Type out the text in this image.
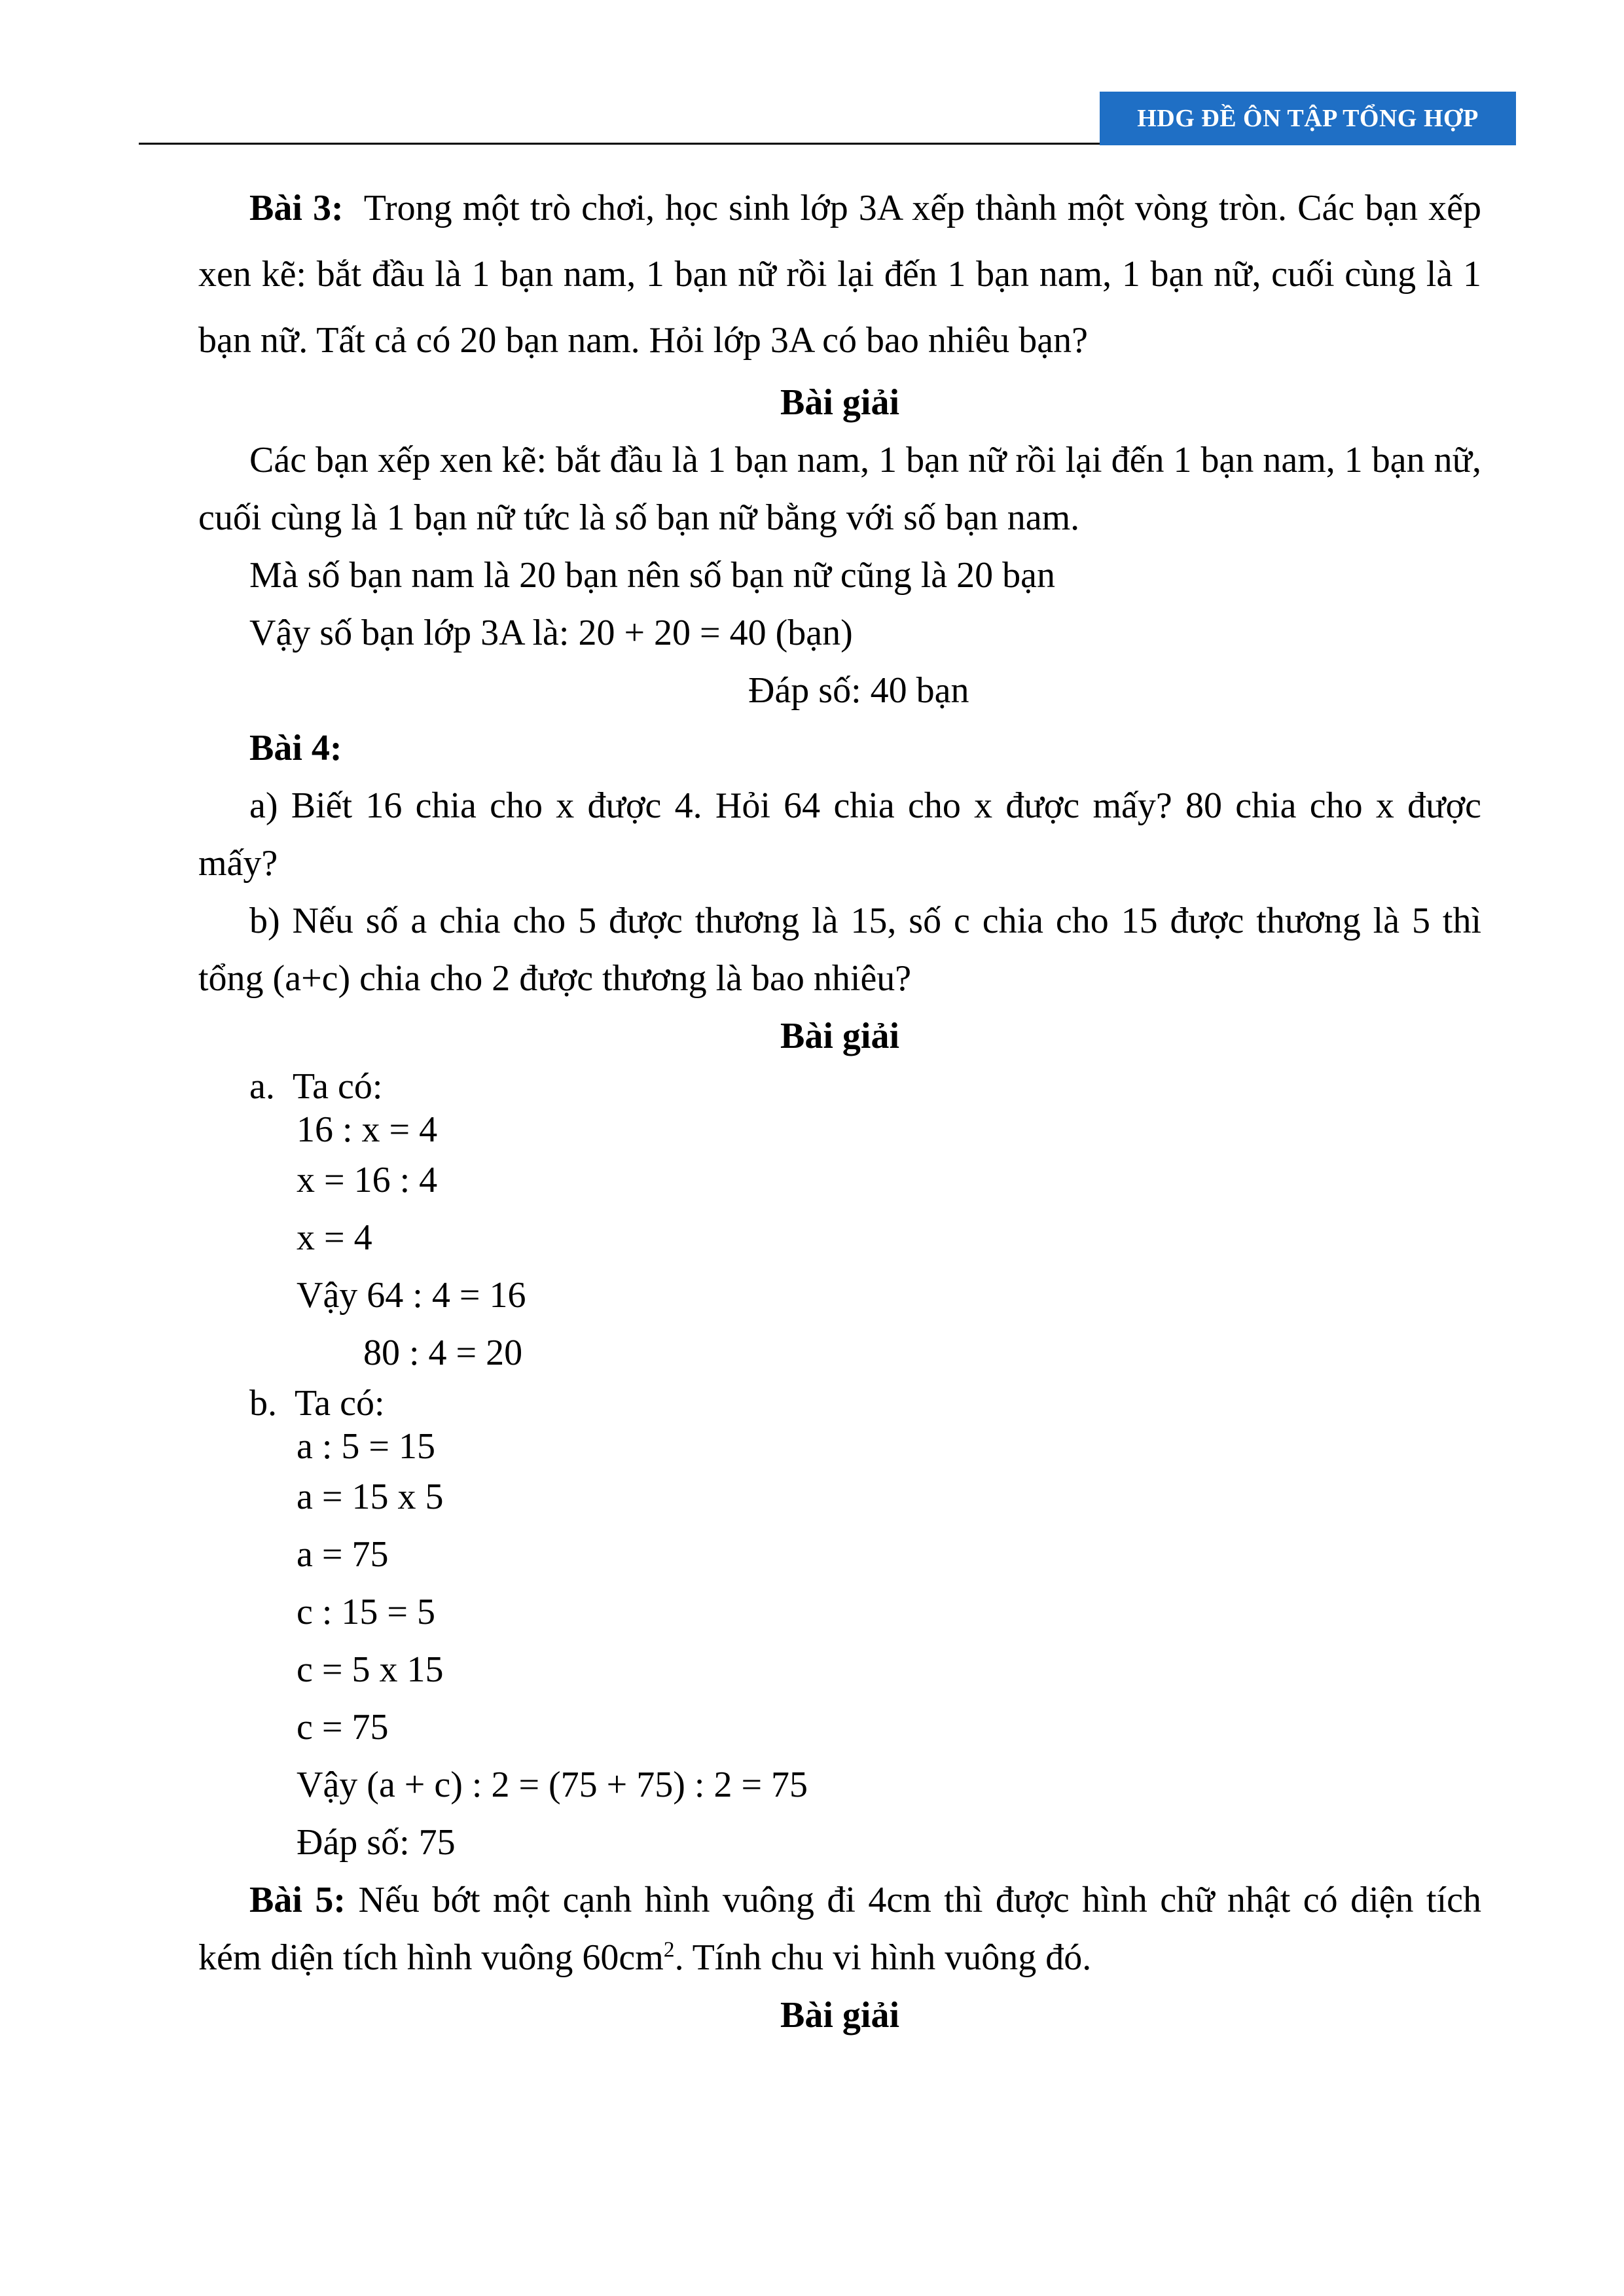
HDG ĐỀ ÔN TẬP TỔNG HỢP

Bài 3: Trong một trò chơi, học sinh lớp 3A xếp thành một vòng tròn. Các bạn xếp xen kẽ: bắt đầu là 1 bạn nam, 1 bạn nữ rồi lại đến 1 bạn nam, 1 bạn nữ, cuối cùng là 1 bạn nữ. Tất cả có 20 bạn nam. Hỏi lớp 3A có bao nhiêu bạn?

Bài giải

Các bạn xếp xen kẽ: bắt đầu là 1 bạn nam, 1 bạn nữ rồi lại đến 1 bạn nam, 1 bạn nữ, cuối cùng là 1 bạn nữ tức là số bạn nữ bằng với số bạn nam.

Mà số bạn nam là 20 bạn nên số bạn nữ cũng là 20 bạn

Vậy số bạn lớp 3A là: 20 + 20 = 40 (bạn)

Đáp số: 40 bạn

Bài 4:

a) Biết 16 chia cho x được 4. Hỏi 64 chia cho x được mấy? 80 chia cho x được mấy?

b) Nếu số a chia cho 5 được thương là 15, số c chia cho 15 được thương là 5 thì tổng (a+c) chia cho 2 được thương là bao nhiêu?

Bài giải

a. Ta có:

16 : x = 4

x = 16 : 4

x = 4

Vậy 64 : 4 = 16

80 : 4 = 20

b. Ta có:

a : 5 = 15

a = 15 x 5

a = 75

c : 15 = 5

c = 5 x 15

c = 75

Vậy (a + c) : 2 = (75 + 75) : 2 = 75

Đáp số: 75

Bài 5: Nếu bớt một cạnh hình vuông đi 4cm thì được hình chữ nhật có diện tích kém diện tích hình vuông $60cm^2$. Tính chu vi hình vuông đó.

Bài giải
